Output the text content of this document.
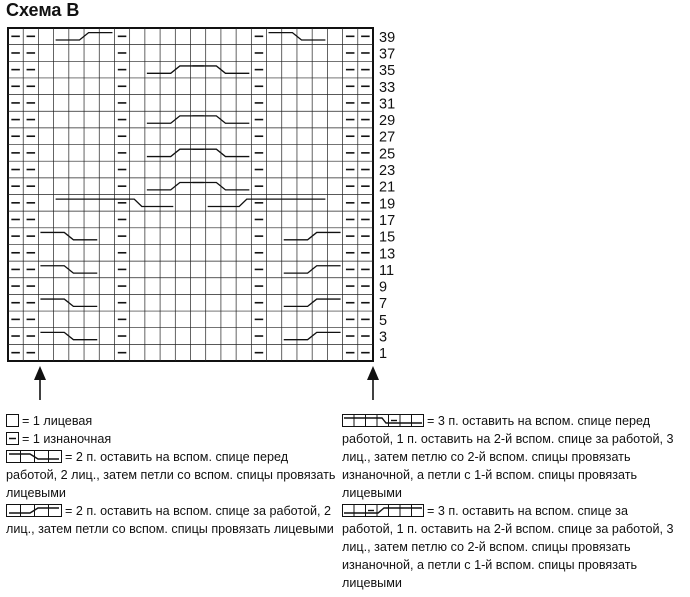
Схема В
39
37
35
33
31
29
27
25
23
21
19
17
15
13
11
9
7
5
3
1
= 1 лицевая
= 1 изнаночная
= 2 п. оставить на вспом. спице перед работой, 2 лиц., затем петли со вспом. спицы провязать лицевыми
= 2 п. оставить на вспом. спице за работой, 2 лиц., затем петли со вспом. спицы провязать лицевыми
= 3 п. оставить на вспом. спице перед работой, 1 п. оставить на 2-й вспом. спице за работой, 3 лиц., затем петлю со 2-й вспом. спицы провязать изнаночной, а петли с 1-й вспом. спицы провязать лицевыми
= 3 п. оставить на вспом. спице за работой, 1 п. оставить на 2-й вспом. спице за работой, 3 лиц., затем петлю со 2-й вспом. спицы провязать изнаночной, а петли с 1-й вспом. спицы провязать лицевыми
